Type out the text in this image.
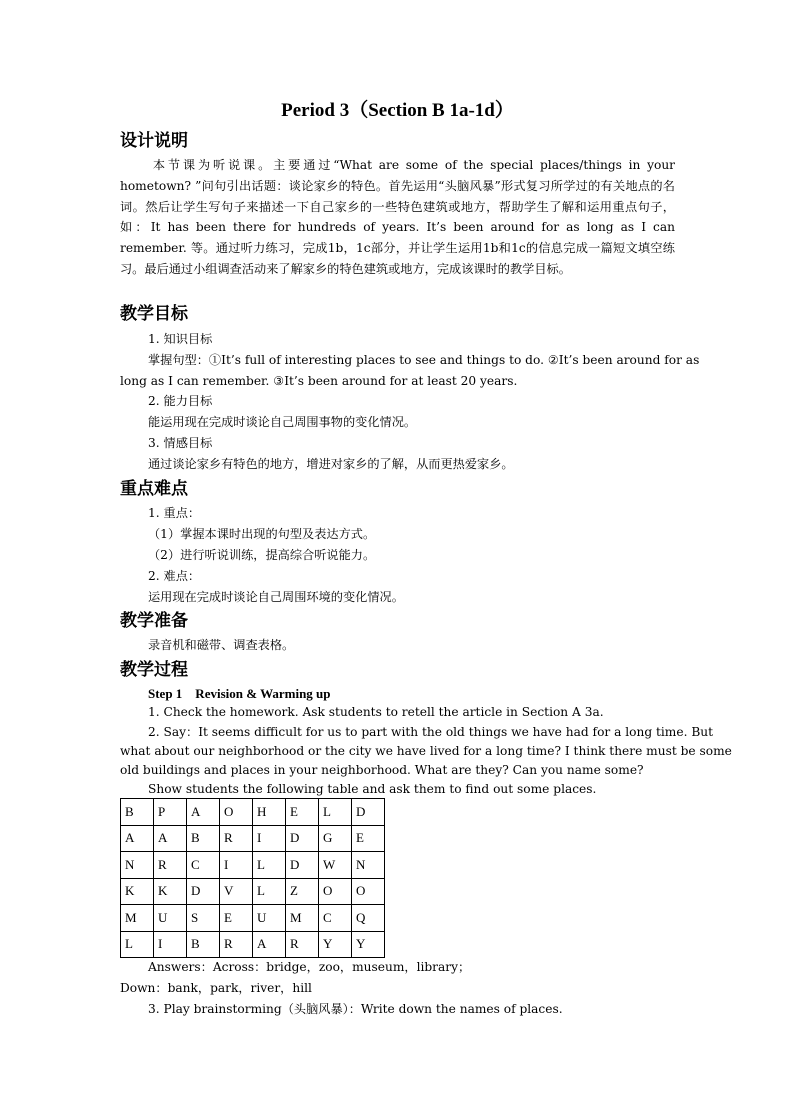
Period 3（Section B 1a-1d）
设计说明
本节课为听说课。主要通过“What are some of the special places/things in your hometown? ”问句引出话题：谈论家乡的特色。首先运用“头脑风暴”形式复习所学过的有关地点的名词。然后让学生写句子来描述一下自己家乡的一些特色建筑或地方，帮助学生了解和运用重点句子，如：It has been there for hundreds of years. It’s been around for as long as I can remember. 等。通过听力练习，完成1b，1c部分，并让学生运用1b和1c的信息完成一篇短文填空练习。最后通过小组调查活动来了解家乡的特色建筑或地方，完成该课时的教学目标。
教学目标
1. 知识目标
掌握句型：①It’s full of interesting places to see and things to do. ②It’s been around for as
long as I can remember. ③It’s been around for at least 20 years.
2. 能力目标
能运用现在完成时谈论自己周围事物的变化情况。
3. 情感目标
通过谈论家乡有特色的地方，增进对家乡的了解，从而更热爱家乡。
重点难点
1. 重点：
（1）掌握本课时出现的句型及表达方式。
（2）进行听说训练，提高综合听说能力。
2. 难点：
运用现在完成时谈论自己周围环境的变化情况。
教学准备
录音机和磁带、调查表格。
教学过程
Step 1　Revision & Warming up
1. Check the homework. Ask students to retell the article in Section A 3a.
2. Say：It seems difficult for us to part with the old things we have had for a long time. But
what about our neighborhood or the city we have lived for a long time? I think there must be some
old buildings and places in your neighborhood. What are they? Can you name some?
Show students the following table and ask them to find out some places.
B	P	A	O	H	E	L	D
A	A	B	R	I	D	G	E
N	R	C	I	L	D	W	N
K	K	D	V	L	Z	O	O
M	U	S	E	U	M	C	Q
L	I	B	R	A	R	Y	Y
Answers：Across：bridge，zoo，museum，library；
Down：bank，park，river，hill
3. Play brainstorming（头脑风暴）：Write down the names of places.
